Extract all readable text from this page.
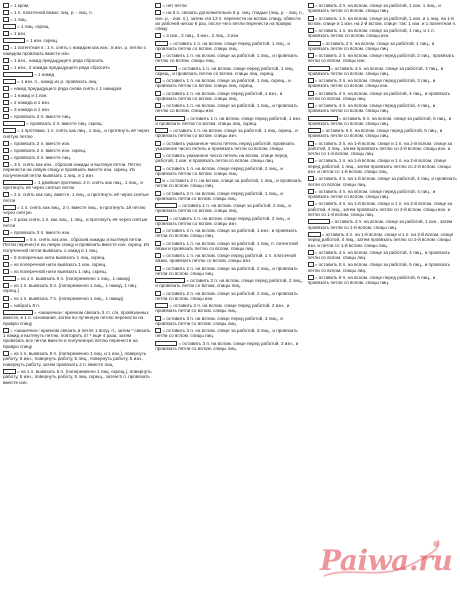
= 1 кром.
= 1 п. платочной вязки: лиц. р. - лиц. п.
= 1 лиц.
= 1 лиц. скрещ.
= 1 изн.
= 1 изн. скрещ.
= 1 патентная п.: 1 п. снять с накидом как изн.; в изн. р. петлю с накидом провязать вместе изн.
= 1 изн., накид предыдущего ряда сбросить
= 1 изн., 2 накида предыдущего ряда сбросить
= 1 накид
= 1 изн. п., накид из р. провязать лиц.
= накид предыдущего ряда снова снять с 1 накидом
= 1 накид и 1 изн.
= 2 накида и 1 изн.
= 3 накида и 1 изн.
= провязать 2 п. вместе лиц.
= провязать 2 п. вместе лиц. скрещ.
= 1 протяжка: 1 п. снять как лиц., 1 лиц., и протянуть её через снятую петлю
= провязать 2 п. вместе изн.
= провязать 2 п. вместе изн. скрещ.
= провязать 3 п. вместе лиц.
= 3 п. снять как изн., сбросив накиды и вытянув петли. Петли перенести на левую спицу и провязать вместе изн. скрещ. Из полученной петли вывязать 1 лиц. и 1 изн.
= 1 двойная протяжка: 2 п. снять как лиц., 1 лиц., и протянуть её через снятые петли
= 2 п. снять как лиц. вместе, 1 лиц., и протянуть её через снятые петли
= 1 п. снять как лиц., 2 п. вместе лиц., и протянуть 1й петлю через снятую
= 2 раза снять 1 п. как лиц., 1 лиц., и протянуть её через снятые петли
= провязать 3 п. вместе изн.
= 5 п. снять как изн., сбросив накиды и вытянув петли. Петли перенести на левую спицу и провязать вместе изн. скрещ. Из полученной петли вывязать 1 накид и 1 лиц.
= 5 поперечных нити вывязать 1 лиц. скрещ.
= из поперечной нити вывязать 1 изн. скрещ.
= из поперечной нити вывязать 1 лиц. скрещ.
= из 1 п. вывязать 5 п. (попеременно 1 лиц., 1 накид)
= из 1 п. вывязать 5 п. (попеременно 1 лиц., 1 накид, 1 лиц. скрещ.)
= из 1 п. вывязать 7 п. (попеременно 1 лиц., 1 накид)
= набрать 8 п.
= «шишечка»: крючком связать 5 ст. с/н, провязанных вместе, в 1 п. основания, затем по-лученную петлю перенести на правую спицу
= «шишечка»: крючком связать в петле 1 вozд. п., затем * связать 1 накид и вытянуть петлю, повторить от * ещё 4 раза, затем провязать все петли вместе и полученную петлю перенести на правую спицу
= из 1 п. вывязать 5 п. (попеременно 1 лиц. и 1 изн.), повернуть работу, 5 изн., повернуть работу, 5 лиц., повернуть работу, 5 изн., повернуть работу, затем провязать 2 п. вместе лиц.
= из 1 п. вывязать 5 п. (попеременно 1 лиц. скрещ.), повернуть работу, 5 изн., повернуть работу, 5 лиц. скрещ., затем 5 п. провязать вместе изн.
= нет петли
= на 6 п. связать дополнительно 6 р. лиц. гладью (лиц. р. - лиц. п., изн. р. - изн. п.), затем эти 13 п. перенести на вспом. спицу, обвести их рабочей нитью 6 раз, после чего петли перенести на правую спицу
= 3 изн., 2 лиц., 3 изн., 2 лиц., 3 изн.
= оставить 1 п. на вспом. спице перед работой, 1 лиц., и провязать петлю со вспом. спицы лиц.
= оставить 1 п. на вспом. спице за работой, 1 лиц., и провязать петлю со вспом. спицы лиц.
= оставить 1 п. на вспом. спице перед работой, 1 лиц. скрещ., и провязать петлю со вспом. спицы лиц. скрещ.
= оставить 1 п. на вспом. спице за работой, 1 лиц. скрещ., и провязать петлю со вспом. спицы лиц. скрещ.
= оставить 1 п. на вспом. спице перед работой, 1 изн., и провязать петлю со вспом. спицы лиц.
= оставить 1 п. на вспом. спице за работой, 1 лиц., и провязать петлю со вспом. спицы изн.
= оставить 1 п. на вспом. спице перед работой, 1 изн., и провязать петлю со вспом. спицы лиц. скрещ.
= оставить 1 п. на вспом. спице за работой, 1 лиц. скрещ., и провязать петлю со вспом. спицы изн.
= оставить указанное число петель перед работой, провязать указанное число петель и провязать петли со вспом. спицы
= оставить указанное число петель на вспом. спице перед работой, 1 изн. и провязать петли со вспом. спицы лиц.
= оставить 1 п. на вспом. спице перед работой, 2 лиц., и провязать петлю со вспом. спицы лиц.
и = оставить 2 п. на вспом. спице за работой, 1 лиц., и провязать петли со вспом. спицы лиц.
= оставить 2 п. на вспом. спице перед работой, 1 лиц., и провязать петли со вспом. спицы лиц.
= оставить 1 п. на вспом. спице за работой, 2 лиц., и провязать петлю со вспом. спицы лиц.
= оставить 1 п. на вспом. спице перед работой, 2 лиц., и провязать петлю со вспом. спицы изн.
= оставить 2 п. на вспом. спице за работой, 1 изн., и провязать петли со вспом. спицы лиц.
= оставить 1 п. на вспом. спице за работой, 1 лиц. п. патентной вязки и провязать петлю со вспом. спицы лиц.
= оставить 1 п. на вспом. спице перед работой, 1 п. платочной вязки, провязать петлю со вспом. спицы изн.
= оставить 2 п. на вспом. спице за работой, 2 лиц., и провязать петли со вспом. спицы лиц.
= оставить 2 п. на вспом. спице перед работой, 2 лиц., и провязать петли со вспом. спицы лиц.
= оставить 2 п. на вспом. спице за работой, 2 лиц., и провязать петли со вспом. спицы изн.
= оставить 2 п. на вспом. спице перед работой, 2 изн., и провязать петли со вспом. спицы лиц.
= оставить 3 п. на вспом. спице перед работой, 3 лиц., и провязать петли со вспом. спицы лиц.
= оставить 3 п. на вспом. спице за работой, 3 лиц., и провязать петли со вспом. спицы лиц.
= оставить 3 п. на вспом. спице перед работой, 3 изн., и провязать петли со вспом. спицы лиц.
= оставить 3 п. на вспом. спице за работой, 1 изн. 1 лиц., и провязать петли со вспом. спицы лиц.
= оставить 1 п. на вспом. спице за работой, 1 изн. и 1 лиц. на 1-й вспом. спице и 1 изн. на 2-й вспом. спице: так: 1 изн. и 1 патентная п.
= оставить 1 п. на вспом. спице за работой, 1 лиц. и 1 п. провязать петлю со вспом. спицы изн.
= оставить 2 п. на вспом. спице за работой, 1 лиц., и провязать петли со вспом. спицы лиц.
= оставить 2 п. на вспом. спице перед работой, 2 лиц., провязать петли со вспом. спицы изн.
= оставить 3 п. на вспом. спице за работой, 3 лиц., и провязать петли со вспом. спицы лиц.
= оставить 3 п. на вспом. спице перед работой, 3 лиц., и провязать петли со вспом. спицы изн.
= оставить 4 п. на вспом. спице за работой, 4 лиц., и провязать петли со вспом. спицы лиц.
= оставить 4 п. на вспом. спице перед работой, 4 лиц., и провязать петли со вспом. спицы лиц.
= оставить 5 п. на вспом. спице за работой, 5 лиц., и провязать петли со вспом. спицы лиц.
= оставить 5 п. на вспом. спице перед работой, 5 лиц., и провязать петли со вспом. спицы лиц.
= оставить 3 п. на 1-й вспом. спице и 1 п. на 2-й вспом. спице за работой, 3 лиц., затем провязать петлю со 2-й вспом. спицы изн. и петли со 1-й вспом. спицы лиц.
= оставить 1 п. на 1-й вспом. спице и 1 п. на 2-й вспом. спице перед работой, 1 лиц., затем провязать петлю со 2-й вспом. спицы изн. и петли со 1-й вспом. спицы лиц.
= оставить 4 п. на 1-й вспом. спице за работой, 4 лиц. и провязать петли со вспом. спицы лиц.
= оставить 4 п. на вспом. спице перед работой, 4 лиц., и провязать петли со вспом. спицы лиц.
= оставить 4 п. на 1-й вспом. спице и 1 п. на 2-й вспом. спице за работой, 4 лиц., затем провязать петлю со 2-й вспом. спицы изн. и петли со 1-й вспом. спицы лиц.
= оставить 3 п. на вспом. спице за работой, 1 изн., затем провязать петли со 1-й вспом. спицы лиц.
= оставить 4 п. на 1-й вспом. спице и 1 п. на 2-й вспом. спице перед работой, 4 лиц., затем провязать петлю со 2-й вспом. спицы изн. и петли со 1-й вспом. спицы лиц.
= оставить 4 п. на вспом. спице за работой, 4 лиц., и провязать петли со вспом. спицы лиц.
= оставить 5 п. на вспом. спице за работой, 5 лиц., и провязать петли со вспом. спицы лиц.
= оставить 6 п. на вспом. спице перед работой, 6 лиц., и провязать петли со вспом. спицы лиц.
Paiwa.ru
